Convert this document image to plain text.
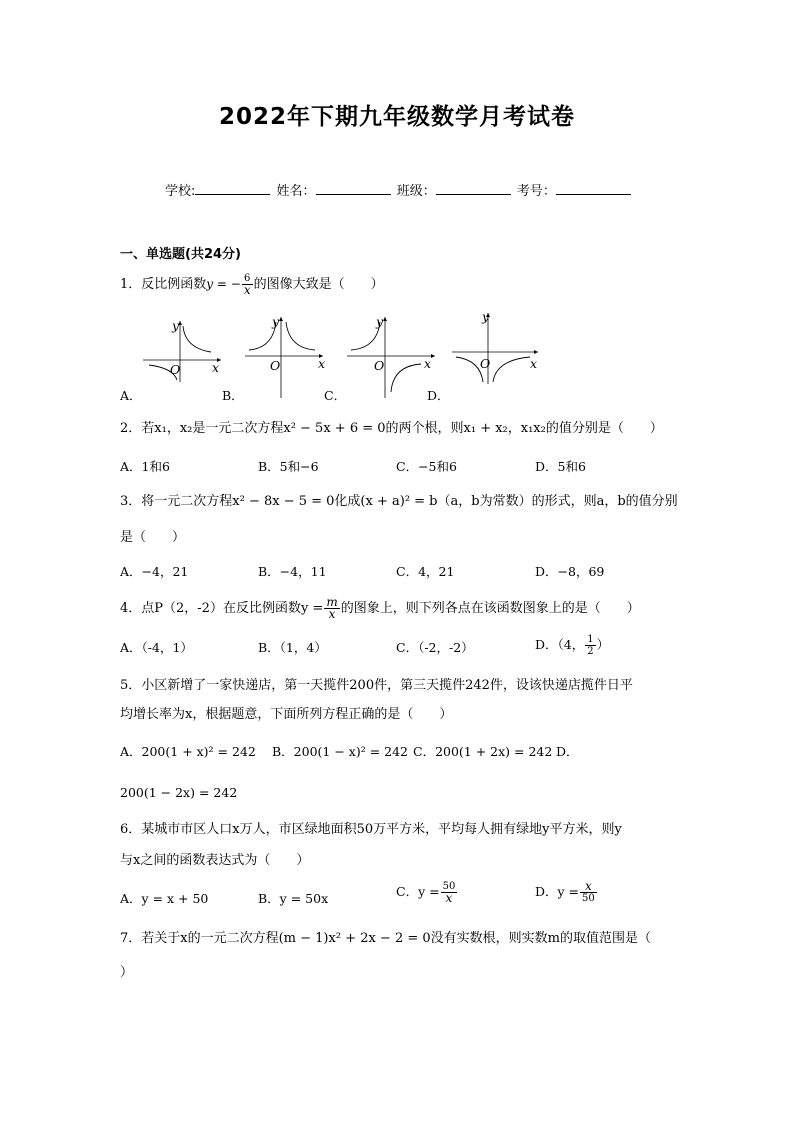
2022年下期九年级数学月考试卷
学校:	姓名：	班级：	考号：
一、单选题(共24分)
1．反比例函数y = − $\frac{6}{x}$ 的图像大致是（　　）
y
x
O
y
x
O
y
x
O
y
x
O
A．	B．	C．	D．
2．若x₁，x₂是一元二次方程x² − 5x + 6 = 0的两个根，则x₁ + x₂，x₁x₂的值分别是（　　）
A．1和6	B．5和−6	C．−5和6	D．5和6
3．将一元二次方程x² − 8x − 5 = 0化成(x + a)² = b（a，b为常数）的形式，则a，b的值分别
是（　　）
A．−4，21	B．−4，11	C．4，21	D．−8，69
4．点P（2，-2）在反比例函数$y = \frac{m}{x}$ 的图象上，则下列各点在该函数图象上的是（　　）
A．（-4，1）	B．（1，4）	C．（-2，-2）	D．（4， $\frac{1}{2}$ ）
5．小区新增了一家快递店，第一天揽件200件，第三天揽件242件，设该快递店揽件日平
均增长率为x，根据题意，下面所列方程正确的是（　　）
A．200(1 + x)² = 242 B．200(1 − x)² = 242 C．200(1 + 2x) = 242 D．
200(1 − 2x) = 242
6．某城市市区人口x万人，市区绿地面积50万平方米，平均每人拥有绿地y平方米，则y
与x之间的函数表达式为（　　）
A．y = x + 50	B．y = 50x	C．$y = \frac{50}{x}$	D．$y = \frac{x}{50}$
7．若关于x的一元二次方程(m − 1)x² + 2x − 2 = 0没有实数根，则实数m的取值范围是（
）
